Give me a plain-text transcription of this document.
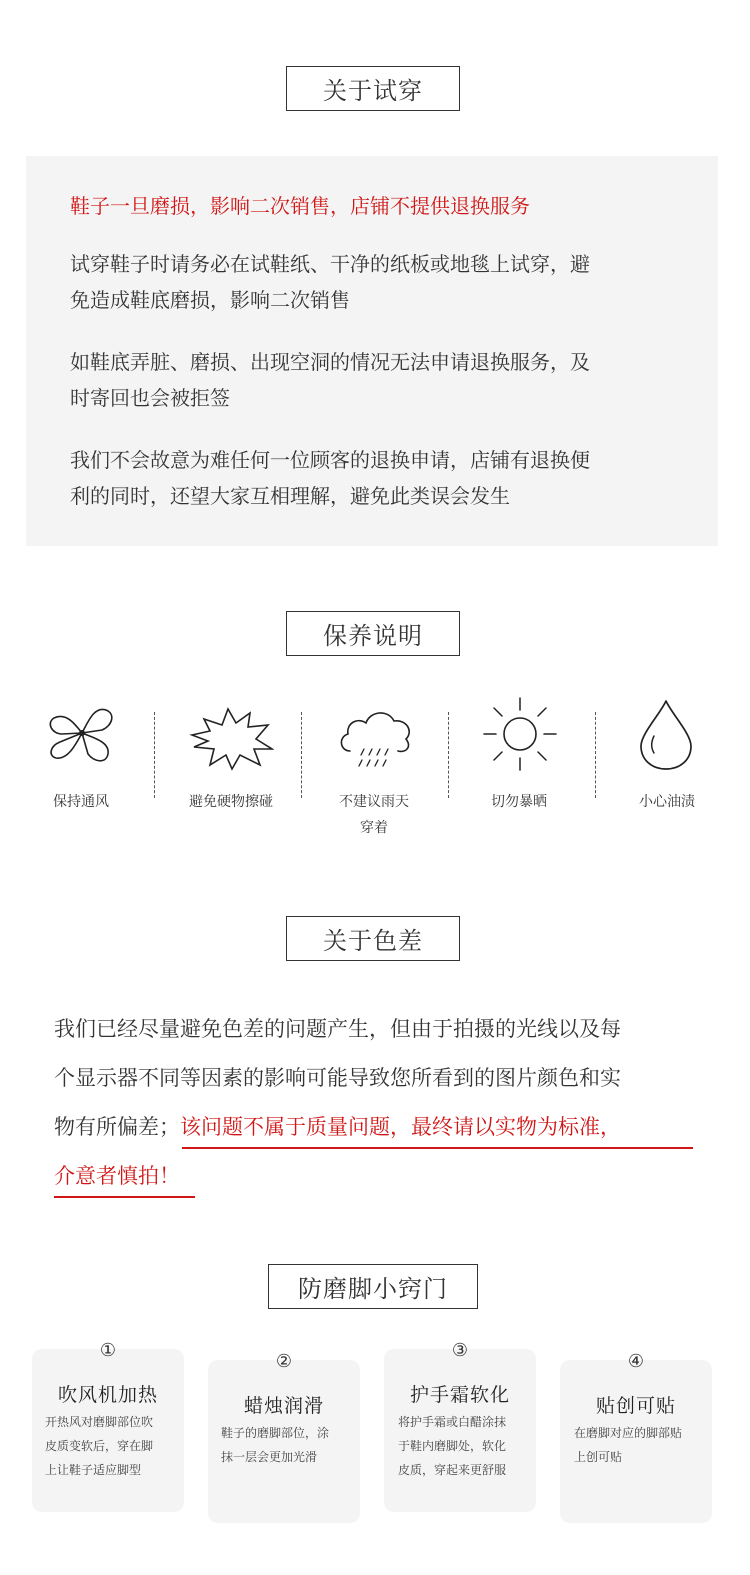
关于试穿
鞋子一旦磨损，影响二次销售，店铺不提供退换服务
试穿鞋子时请务必在试鞋纸、干净的纸板或地毯上试穿，避
免造成鞋底磨损，影响二次销售
如鞋底弄脏、磨损、出现空洞的情况无法申请退换服务，及
时寄回也会被拒签
我们不会故意为难任何一位顾客的退换申请，店铺有退换便
利的同时，还望大家互相理解，避免此类误会发生
保养说明
保持通风	避免硬物擦碰	不建议雨天
穿着
切勿暴晒	小心油渍
关于色差
我们已经尽量避免色差的问题产生，但由于拍摄的光线以及每
个显示器不同等因素的影响可能导致您所看到的图片颜色和实
物有所偏差；该问题不属于质量问题，最终请以实物为标准，
介意者慎拍！
防磨脚小窍门
①
吹风机加热
开热风对磨脚部位吹
皮质变软后，穿在脚
上让鞋子适应脚型
②
蜡烛润滑
鞋子的磨脚部位，涂
抹一层会更加光滑
③
护手霜软化
将护手霜或白醋涂抹
于鞋内磨脚处，软化
皮质，穿起来更舒服
④
贴创可贴
在磨脚对应的脚部贴
上创可贴
